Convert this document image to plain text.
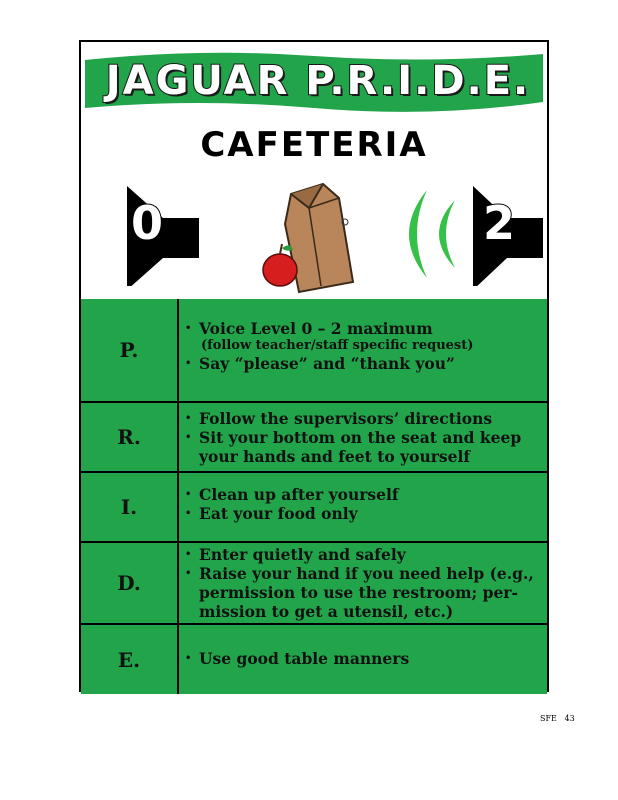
JAGUAR P.R.I.D.E.
CAFETERIA
0	2
P.
• Voice Level 0 – 2 maximum
(follow teacher/staff specific request)
• Say “please” and “thank you”
R.
• Follow the supervisors’ directions
• Sit your bottom on the seat and keep your hands and feet to yourself
I.
• Clean up after yourself
• Eat your food only
D.
• Enter quietly and safely
• Raise your hand if you need help (e.g., permission to use the restroom; per-mission to get a utensil, etc.)
E.	• Use good table manners
SFE 43
